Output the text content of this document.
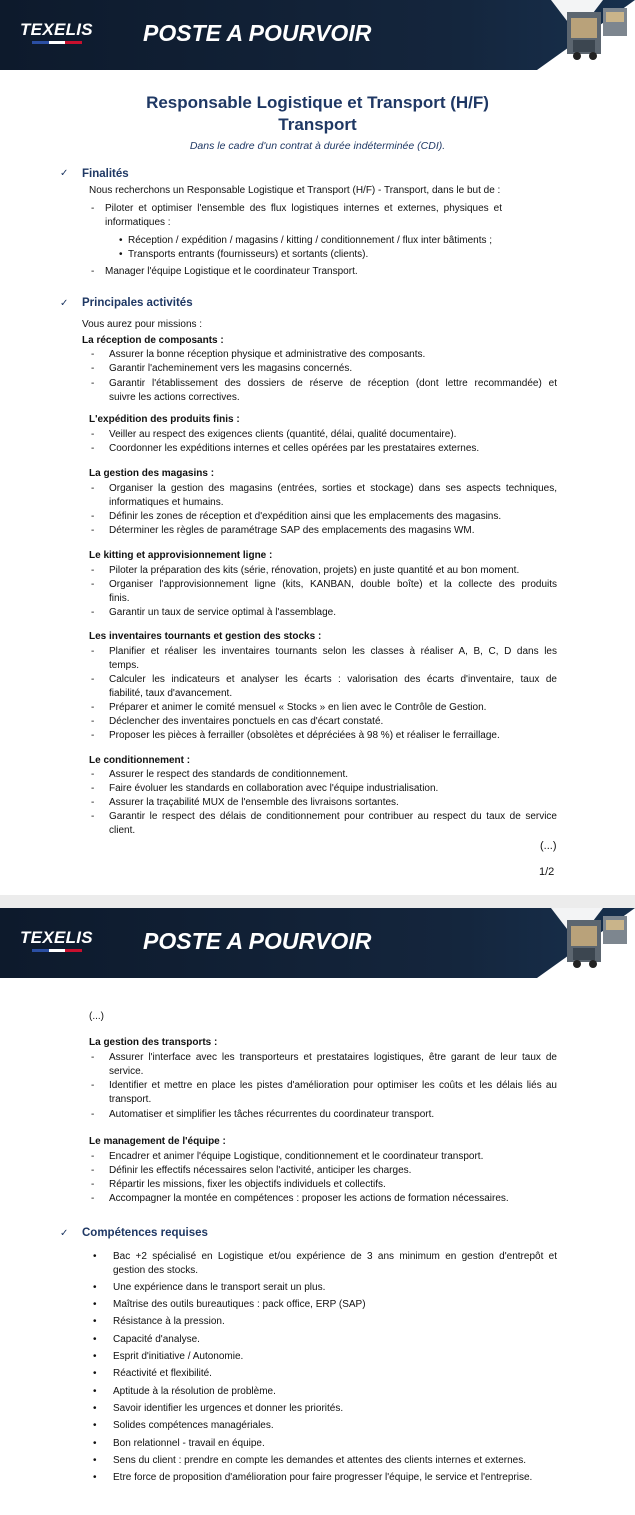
TEXELIS POSTE A POURVOIR
Responsable Logistique et Transport (H/F)
Transport
Dans le cadre d'un contrat à durée indéterminée (CDI).
✓ Finalités
Nous recherchons un Responsable Logistique et Transport (H/F) - Transport, dans le but de :
- Piloter et optimiser l'ensemble des flux logistiques internes et externes, physiques et
informatiques :
• Réception / expédition / magasins / kitting / conditionnement / flux inter bâtiments ;
• Transports entrants (fournisseurs) et sortants (clients).
- Manager l'équipe Logistique et le coordinateur Transport.
✓ Principales activités
Vous aurez pour missions :
La réception de composants :
- Assurer la bonne réception physique et administrative des composants.
- Garantir l'acheminement vers les magasins concernés.
- Garantir l'établissement des dossiers de réserve de réception (dont lettre recommandée) et
suivre les actions correctives.
L'expédition des produits finis :
- Veiller au respect des exigences clients (quantité, délai, qualité documentaire).
- Coordonner les expéditions internes et celles opérées par les prestataires externes.
La gestion des magasins :
- Organiser la gestion des magasins (entrées, sorties et stockage) dans ses aspects techniques,
informatiques et humains.
- Définir les zones de réception et d'expédition ainsi que les emplacements des magasins.
- Déterminer les règles de paramétrage SAP des emplacements des magasins WM.
Le kitting et approvisionnement ligne :
- Piloter la préparation des kits (série, rénovation, projets) en juste quantité et au bon moment.
- Organiser l'approvisionnement ligne (kits, KANBAN, double boîte) et la collecte des produits
finis.
- Garantir un taux de service optimal à l'assemblage.
Les inventaires tournants et gestion des stocks :
- Planifier et réaliser les inventaires tournants selon les classes à réaliser A, B, C, D dans les
temps.
- Calculer les indicateurs et analyser les écarts : valorisation des écarts d'inventaire, taux de
fiabilité, taux d'avancement.
- Préparer et animer le comité mensuel « Stocks » en lien avec le Contrôle de Gestion.
- Déclencher des inventaires ponctuels en cas d'écart constaté.
- Proposer les pièces à ferrailler (obsolètes et dépréciées à 98 %) et réaliser le ferraillage.
Le conditionnement :
- Assurer le respect des standards de conditionnement.
- Faire évoluer les standards en collaboration avec l'équipe industrialisation.
- Assurer la traçabilité MUX de l'ensemble des livraisons sortantes.
- Garantir le respect des délais de conditionnement pour contribuer au respect du taux de service
client.
(...)
1/2
TEXELIS POSTE A POURVOIR
(...)
La gestion des transports :
- Assurer l'interface avec les transporteurs et prestataires logistiques, être garant de leur taux de
service.
- Identifier et mettre en place les pistes d'amélioration pour optimiser les coûts et les délais liés au
transport.
- Automatiser et simplifier les tâches récurrentes du coordinateur transport.
Le management de l'équipe :
- Encadrer et animer l'équipe Logistique, conditionnement et le coordinateur transport.
- Définir les effectifs nécessaires selon l'activité, anticiper les charges.
- Répartir les missions, fixer les objectifs individuels et collectifs.
- Accompagner la montée en compétences : proposer les actions de formation nécessaires.
✓ Compétences requises
• Bac +2 spécialisé en Logistique et/ou expérience de 3 ans minimum en gestion d'entrepôt et
gestion des stocks.
• Une expérience dans le transport serait un plus.
• Maîtrise des outils bureautiques : pack office, ERP (SAP)
• Résistance à la pression.
• Capacité d'analyse.
• Esprit d'initiative / Autonomie.
• Réactivité et flexibilité.
• Aptitude à la résolution de problème.
• Savoir identifier les urgences et donner les priorités.
• Solides compétences managériales.
• Bon relationnel - travail en équipe.
• Sens du client : prendre en compte les demandes et attentes des clients internes et externes.
• Etre force de proposition d'amélioration pour faire progresser l'équipe, le service et l'entreprise.
